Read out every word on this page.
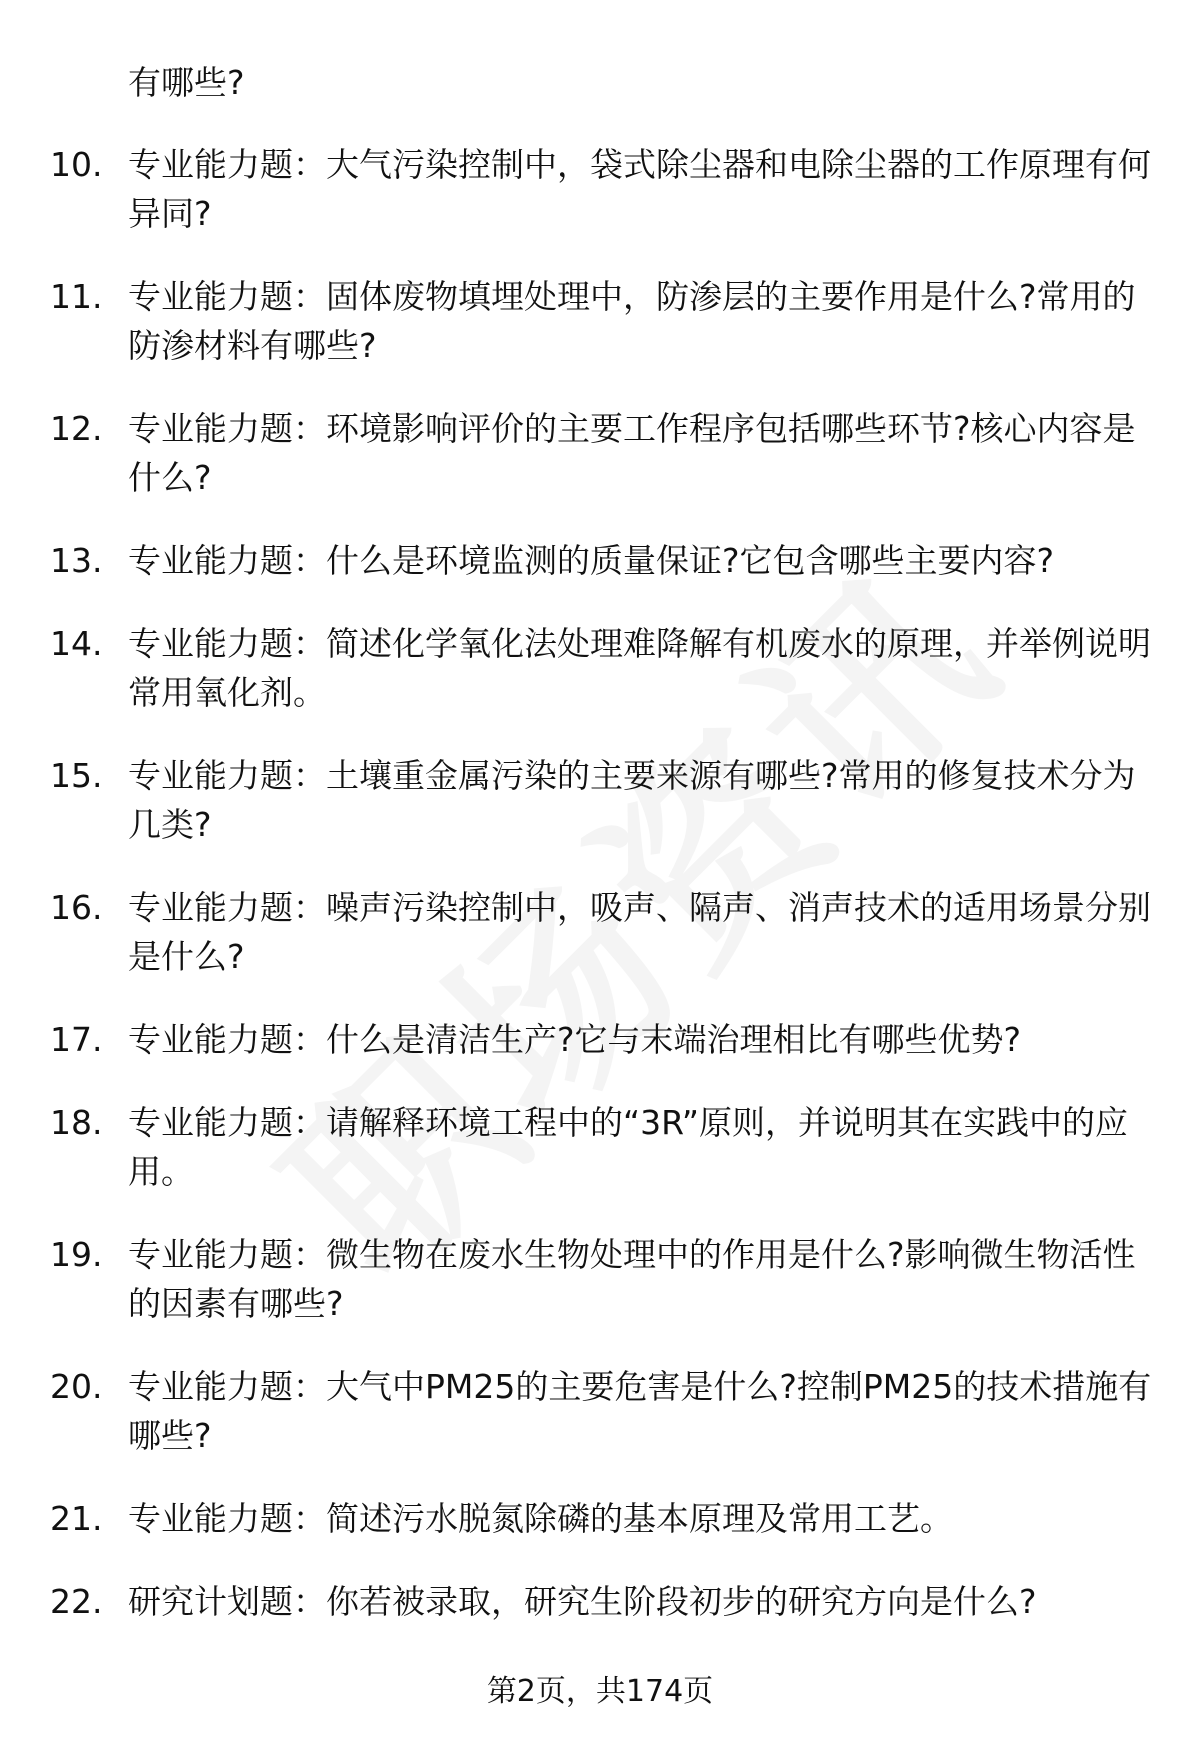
有哪些?
10. 专业能力题：大气污染控制中，袋式除尘器和电除尘器的工作原理有何异同?
11. 专业能力题：固体废物填埋处理中，防渗层的主要作用是什么?常用的防渗材料有哪些?
12. 专业能力题：环境影响评价的主要工作程序包括哪些环节?核心内容是什么?
13. 专业能力题：什么是环境监测的质量保证?它包含哪些主要内容?
14. 专业能力题：简述化学氧化法处理难降解有机废水的原理，并举例说明常用氧化剂。
15. 专业能力题：土壤重金属污染的主要来源有哪些?常用的修复技术分为几类?
16. 专业能力题：噪声污染控制中，吸声、隔声、消声技术的适用场景分别是什么?
17. 专业能力题：什么是清洁生产?它与末端治理相比有哪些优势?
18. 专业能力题：请解释环境工程中的“3R”原则，并说明其在实践中的应用。
19. 专业能力题：微生物在废水生物处理中的作用是什么?影响微生物活性的因素有哪些?
20. 专业能力题：大气中PM25的主要危害是什么?控制PM25的技术措施有哪些?
21. 专业能力题：简述污水脱氮除磷的基本原理及常用工艺。
22. 研究计划题：你若被录取，研究生阶段初步的研究方向是什么?
第2页，共174页
